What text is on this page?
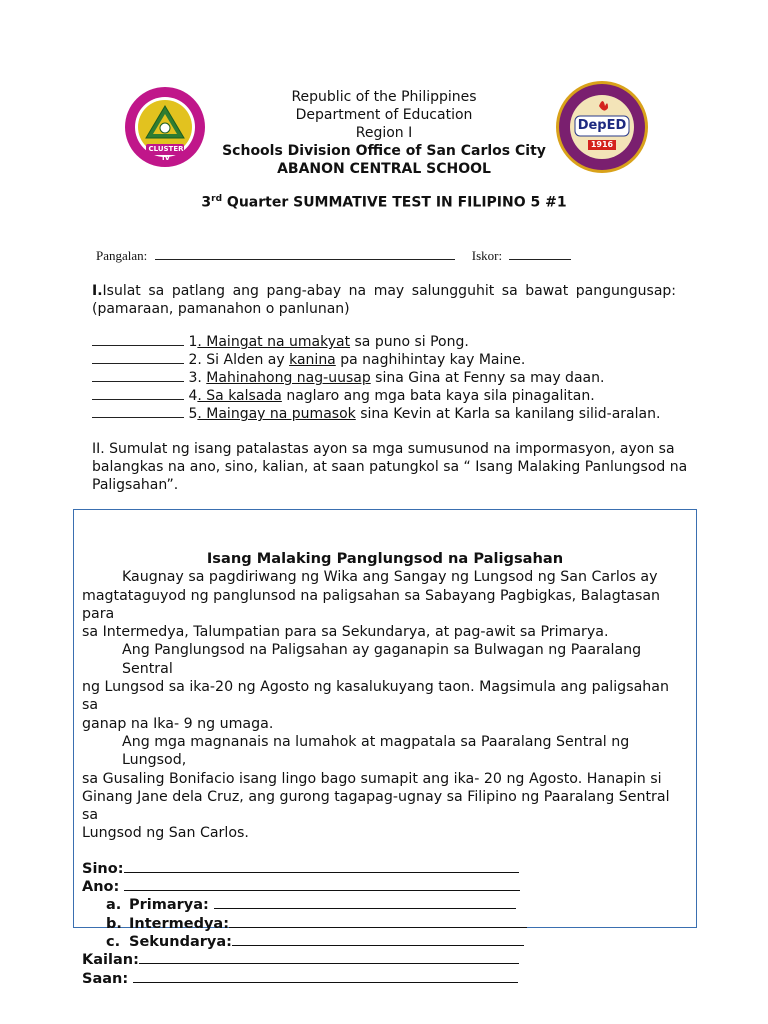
CLUSTER IV
DepED
1916
Republic of the Philippines
Department of Education
Region I
Schools Division Office of San Carlos City
ABANON CENTRAL SCHOOL
3rd Quarter SUMMATIVE TEST IN FILIPINO 5 #1
Pangalan:	Iskor:
I.Isulat sa patlang ang pang-abay na may salungguhit sa bawat pangungusap:
(pamaraan, pamanahon o panlunan)
1. Maingat na umakyat sa puno si Pong.
2. Si Alden ay kanina pa naghihintay kay Maine.
3. Mahinahong nag-uusap sina Gina at Fenny sa may daan.
4. Sa kalsada naglaro ang mga bata kaya sila pinagalitan.
5. Maingay na pumasok sina Kevin at Karla sa kanilang silid-aralan.
II. Sumulat ng isang patalastas ayon sa mga sumusunod na impormasyon, ayon sa
balangkas na ano, sino, kalian, at saan patungkol sa “ Isang Malaking Panlungsod na
Paligsahan”.
Isang Malaking Panglungsod na Paligsahan
Kaugnay sa pagdiriwang ng Wika ang Sangay ng Lungsod ng San Carlos ay
magtataguyod ng panglunsod na paligsahan sa Sabayang Pagbigkas, Balagtasan para
sa Intermedya, Talumpatian para sa Sekundarya, at pag-awit sa Primarya.
Ang Panglungsod na Paligsahan ay gaganapin sa Bulwagan ng Paaralang Sentral
ng Lungsod sa ika-20 ng Agosto ng kasalukuyang taon. Magsimula ang paligsahan sa
ganap na Ika- 9 ng umaga.
Ang mga magnanais na lumahok at magpatala sa Paaralang Sentral ng Lungsod,
sa Gusaling Bonifacio isang lingo bago sumapit ang ika- 20 ng Agosto. Hanapin si
Ginang Jane dela Cruz, ang gurong tagapag-ugnay sa Filipino ng Paaralang Sentral sa
Lungsod ng San Carlos.
Sino:
Ano:
a. Primarya:
b. Intermedya:
c. Sekundarya:
Kailan:
Saan:
